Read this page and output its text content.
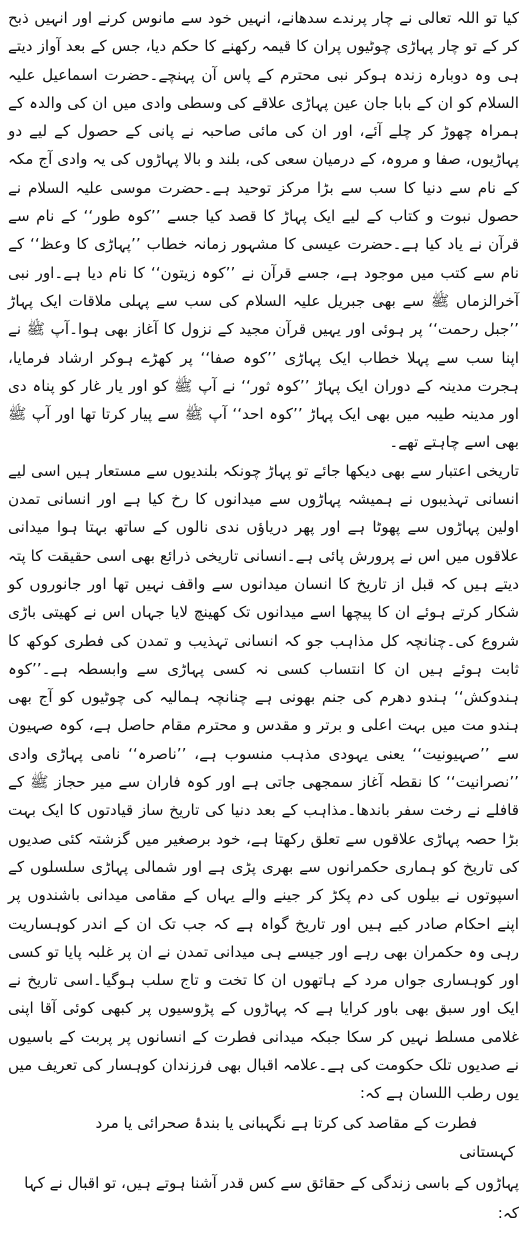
کیا تو اللہ تعالی نے چار پرندے سدھانے، انہیں خود سے مانوس کرنے اور انہیں ذبح کر کے تو چار پہاڑی چوٹیوں پران کا قیمہ رکھنے کا حکم دیا، جس کے بعد آواز دیتے ہی وہ دوبارہ زندہ ہوکر نبی محترم کے پاس آن پہنچے۔حضرت اسماعیل علیہ السلام کو ان کے بابا جان عین پہاڑی علاقے کی وسطی وادی میں ان کی والدہ کے ہمراہ چھوڑ کر چلے آئے، اور ان کی مائی صاحبہ نے پانی کے حصول کے لیے دو پہاڑیوں، صفا و مروہ، کے درمیان سعی کی، بلند و بالا پہاڑوں کی یہ وادی آج مکہ کے نام سے دنیا کا سب سے بڑا مرکز توحید ہے۔حضرت موسی علیہ السلام نے حصول نبوت و کتاب کے لیے ایک پہاڑ کا قصد کیا جسے ’’کوہ طور‘‘ کے نام سے قرآن نے یاد کیا ہے۔حضرت عیسی کا مشہور زمانہ خطاب ’’پہاڑی کا وعظ‘‘ کے نام سے کتب میں موجود ہے، جسے قرآن نے ’’کوہ زیتون‘‘ کا نام دیا ہے۔اور نبی آخرالزماں ﷺ سے بھی جبریل علیہ السلام کی سب سے پہلی ملاقات ایک پہاڑ ’’جبل رحمت‘‘ پر ہوئی اور یہیں قرآن مجید کے نزول کا آغاز بھی ہوا۔آپ ﷺ نے اپنا سب سے پہلا خطاب ایک پہاڑی ’’کوہ صفا‘‘ پر کھڑے ہوکر ارشاد فرمایا، ہجرت مدینہ کے دوران ایک پہاڑ ’’کوہ ثور‘‘ نے آپ ﷺ کو اور یار غار کو پناہ دی اور مدینہ طیبہ میں بھی ایک پہاڑ ’’کوہ احد‘‘ آپ ﷺ سے پیار کرتا تھا اور آپ ﷺ بھی اسے چاہتے تھے۔

تاریخی اعتبار سے بھی دیکھا جائے تو پہاڑ چونکہ بلندیوں سے مستعار ہیں اسی لیے انسانی تہذیبوں نے ہمیشہ پہاڑوں سے میدانوں کا رخ کیا ہے اور انسانی تمدن اولین پہاڑوں سے پھوٹا ہے اور پھر دریاؤں ندی نالوں کے ساتھ بہتا ہوا میدانی علاقوں میں اس نے پرورش پائی ہے۔انسانی تاریخی ذرائع بھی اسی حقیقت کا پتہ دیتے ہیں کہ قبل از تاریخ کا انسان میدانوں سے واقف نہیں تھا اور جانوروں کو شکار کرتے ہوئے ان کا پیچھا اسے میدانوں تک کھینچ لایا جہاں اس نے کھیتی باڑی شروع کی۔چنانچہ کل مذاہب جو کہ انسانی تہذیب و تمدن کی فطری کوکھ کا ثابت ہوئے ہیں ان کا انتساب کسی نہ کسی پہاڑی سے وابسطہ ہے۔’’کوہ ہندوکش‘‘ ہندو دھرم کی جنم بھونی ہے چنانچہ ہمالیہ کی چوٹیوں کو آج بھی ہندو مت میں بہت اعلی و برتر و مقدس و محترم مقام حاصل ہے، کوہ صہیون سے ’’صہیونیت‘‘ یعنی یہودی مذہب منسوب ہے، ’’ناصرہ‘‘ نامی پہاڑی وادی ’’نصرانیت‘‘ کا نقطہ آغاز سمجھی جاتی ہے اور کوہ فاران سے میر حجاز ﷺ کے قافلے نے رخت سفر باندھا۔مذاہب کے بعد دنیا کی تاریخ ساز قیادتوں کا ایک بہت بڑا حصہ پہاڑی علاقوں سے تعلق رکھتا ہے، خود برصغیر میں گزشتہ کئی صدیوں کی تاریخ کو ہماری حکمرانوں سے بھری پڑی ہے اور شمالی پہاڑی سلسلوں کے اسپوتوں نے بیلوں کی دم پکڑ کر جینے والے یہاں کے مقامی میدانی باشندوں پر اپنے احکام صادر کیے ہیں اور تاریخ گواہ ہے کہ جب تک ان کے اندر کوہساریت رہی وہ حکمران بھی رہے اور جیسے ہی میدانی تمدن نے ان پر غلبہ پایا تو کسی اور کوہساری جواں مرد کے ہاتھوں ان کا تخت و تاج سلب ہوگیا۔اسی تاریخ نے ایک اور سبق بھی باور کرایا ہے کہ پہاڑوں کے پڑوسیوں پر کبھی کوئی آقا اپنی غلامی مسلط نہیں کر سکا جبکہ میدانی فطرت کے انسانوں پر پربت کے باسیوں نے صدیوں تلک حکومت کی ہے۔علامہ اقبال بھی فرزندان کوہسار کی تعریف میں یوں رطب اللسان ہے کہ:

فطرت کے مقاصد کی کرتا ہے نگہبانی یا بندۂ صحرائی یا مرد

کہستانی

پہاڑوں کے باسی زندگی کے حقائق سے کس قدر آشنا ہوتے ہیں، تو اقبال نے کہا کہ:
